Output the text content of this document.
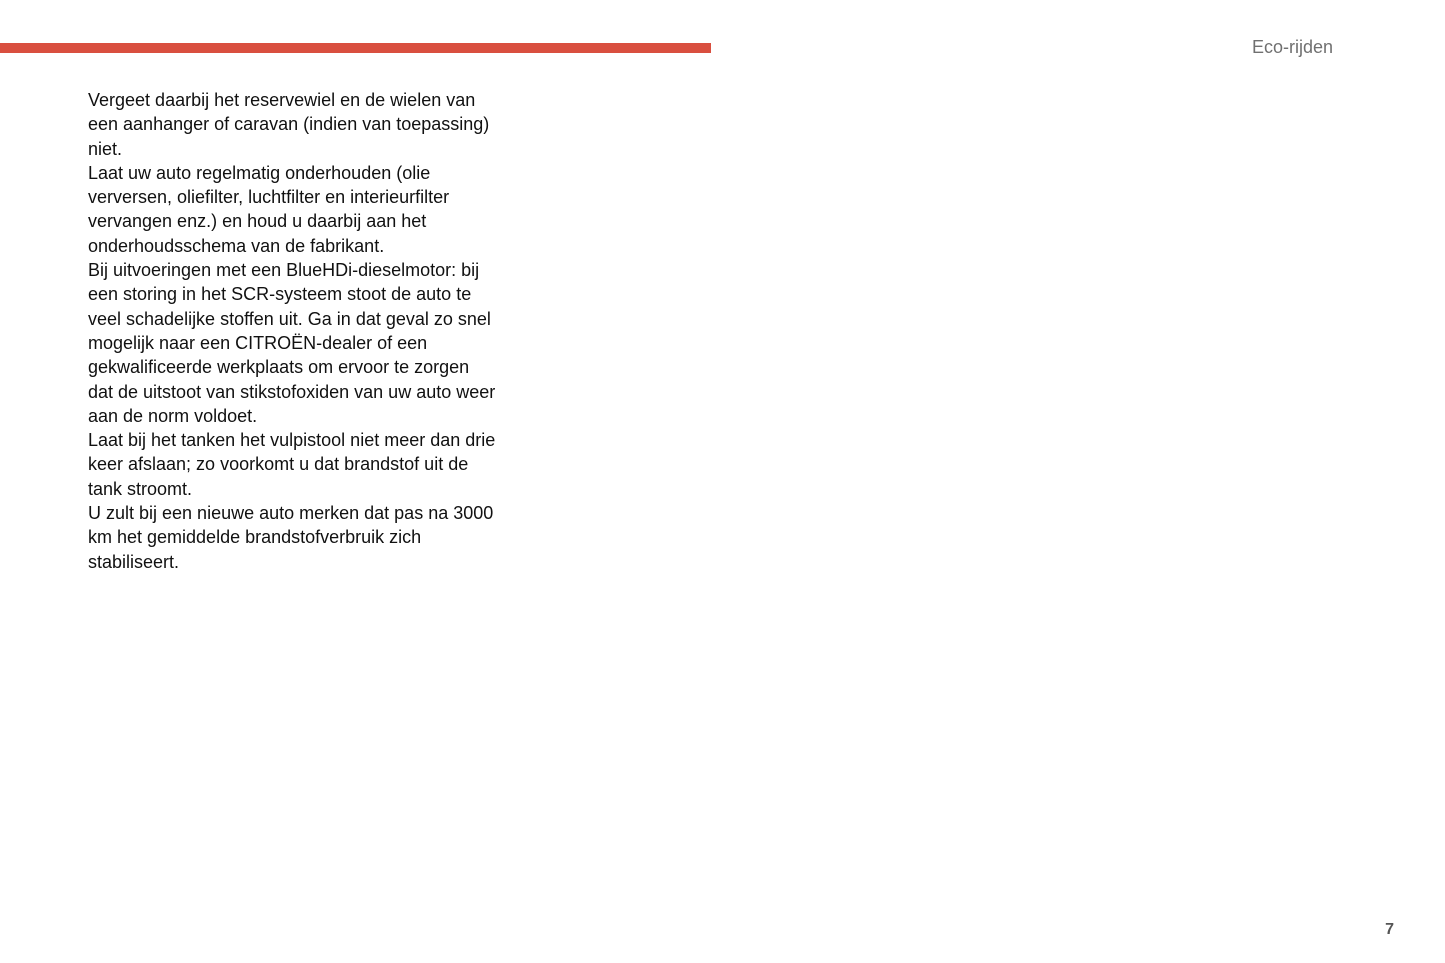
Eco-rijden

Vergeet daarbij het reservewiel en de wielen van een aanhanger of caravan (indien van toepassing) niet.

Laat uw auto regelmatig onderhouden (olie verversen, oliefilter, luchtfilter en interieurfilter vervangen enz.) en houd u daarbij aan het onderhoudsschema van de fabrikant.

Bij uitvoeringen met een BlueHDi-dieselmotor: bij een storing in het SCR-systeem stoot de auto te veel schadelijke stoffen uit. Ga in dat geval zo snel mogelijk naar een CITROËN-dealer of een gekwalificeerde werkplaats om ervoor te zorgen dat de uitstoot van stikstofoxiden van uw auto weer aan de norm voldoet.

Laat bij het tanken het vulpistool niet meer dan drie keer afslaan; zo voorkomt u dat brandstof uit de tank stroomt.

U zult bij een nieuwe auto merken dat pas na 3000 km het gemiddelde brandstofverbruik zich stabiliseert.

7
